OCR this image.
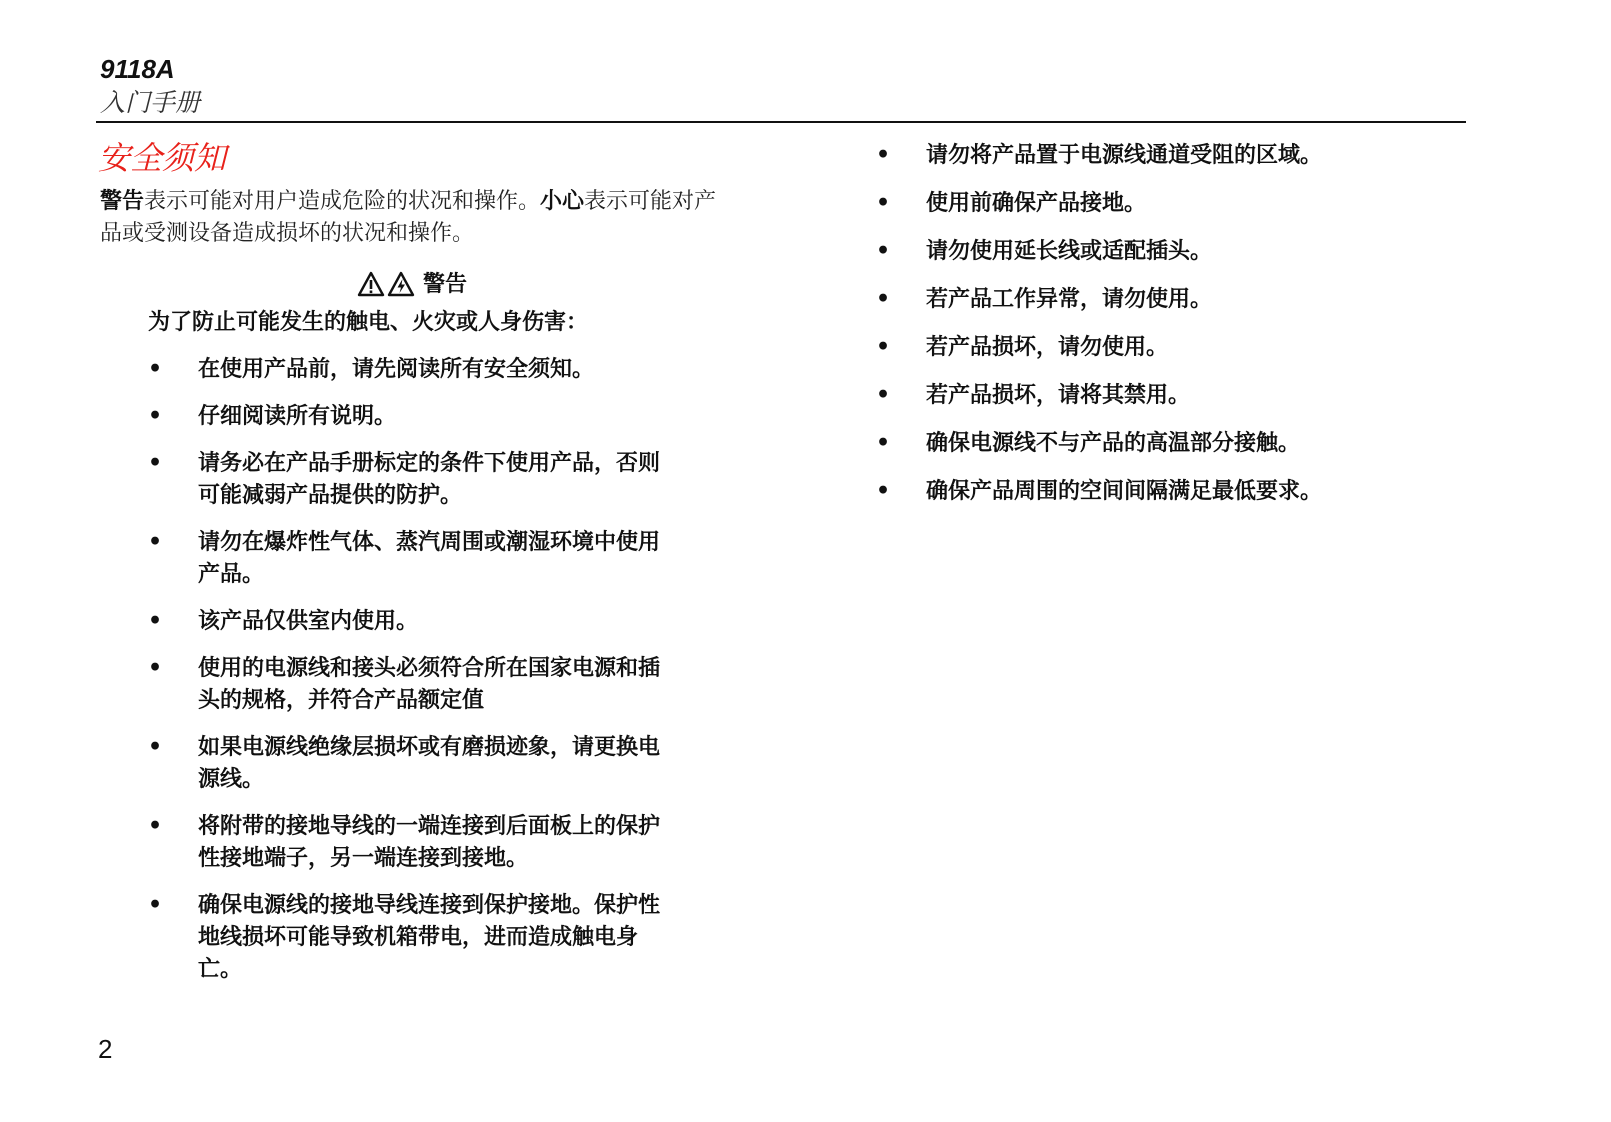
9118A
入门手册
安全须知
警告表示可能对用户造成危险的状况和操作。小心表示可能对产品或受测设备造成损坏的状况和操作。
警告
为了防止可能发生的触电、火灾或人身伤害：
• 在使用产品前，请先阅读所有安全须知。
• 仔细阅读所有说明。
• 请务必在产品手册标定的条件下使用产品，否则可能减弱产品提供的防护。
• 请勿在爆炸性气体、蒸汽周围或潮湿环境中使用产品。
• 该产品仅供室内使用。
• 使用的电源线和接头必须符合所在国家电源和插头的规格，并符合产品额定值
• 如果电源线绝缘层损坏或有磨损迹象，请更换电源线。
• 将附带的接地导线的一端连接到后面板上的保护性接地端子，另一端连接到接地。
• 确保电源线的接地导线连接到保护接地。保护性地线损坏可能导致机箱带电，进而造成触电身亡。
• 请勿将产品置于电源线通道受阻的区域。
• 使用前确保产品接地。
• 请勿使用延长线或适配插头。
• 若产品工作异常，请勿使用。
• 若产品损坏，请勿使用。
• 若产品损坏，请将其禁用。
• 确保电源线不与产品的高温部分接触。
• 确保产品周围的空间间隔满足最低要求。
2
